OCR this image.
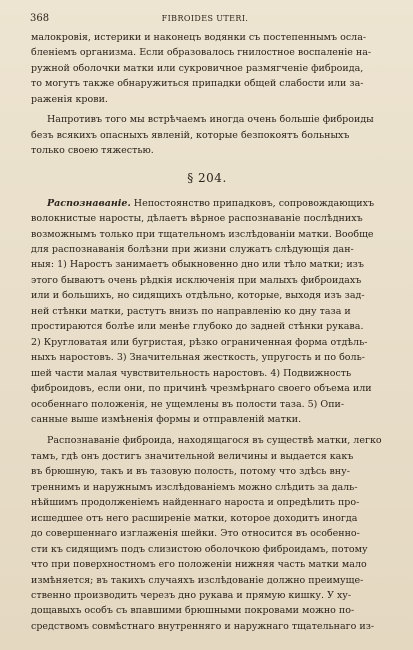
368	FIBROIDES UTERI.

малокровія, истерики и наконецъ водянки съ постепеннымъ осла-
бленіемъ организма. Если образовалось гнилостное воспаленіе на-
ружной оболочки матки или сукровичное размягченіе фиброида,
то могутъ также обнаружиться припадки общей слабости или за-
раженія крови.

Напротивъ того мы встрѣчаемъ иногда очень большіе фиброиды
безъ всякихъ опасныхъ явленій, которые безпокоятъ больныхъ
только своею тяжестью.

§ 204.

Распознаваніе. Непостоянство припадковъ, сопровождающихъ
волокнистые наросты, дѣлаетъ вѣрное распознаваніе послѣднихъ
возможнымъ только при тщательномъ изслѣдованіи матки. Вообще
для распознаванія болѣзни при жизни служатъ слѣдующія дан-
ныя: 1) Наростъ занимаетъ обыкновенно дно или тѣло матки; изъ
этого бываютъ очень рѣдкія исключенія при малыхъ фиброидахъ
или и большихъ, но сидящихъ отдѣльно, которые, выходя изъ зад-
ней стѣнки матки, растутъ внизъ по направленію ко дну таза и
простираются болѣе или менѣе глубоко до задней стѣнки рукава.
2) Кругловатая или бугристая, рѣзко ограниченная форма отдѣль-
ныхъ наростовъ. 3) Значительная жесткость, упругость и по боль-
шей части малая чувствительность наростовъ. 4) Подвижность
фиброидовъ, если они, по причинѣ чрезмѣрнаго своего объема или
особеннаго положенія, не ущемлены въ полости таза. 5) Опи-
санные выше измѣненія формы и отправленій матки.

Распознаваніе фиброида, находящагося въ существѣ матки, легко
тамъ, гдѣ онъ достигъ значительной величины и выдается какъ
въ брюшную, такъ и въ тазовую полость, потому что здѣсь вну-
треннимъ и наружнымъ изслѣдованіемъ можно слѣдить за даль-
нѣйшимъ продолженіемъ найденнаго нароста и опредѣлить про-
исшедшее отъ него расширеніе матки, которое доходитъ иногда
до совершеннаго изглаженія шейки. Это относится въ особенно-
сти къ сидящимъ подъ слизистою оболочкою фиброидамъ, потому
что при поверхностномъ его положеніи нижняя часть матки мало
измѣняется; въ такихъ случаяхъ изслѣдованіе должно преимуще-
ственно производить черезъ дно рукава и прямую кишку. У ху-
дощавыхъ особъ съ впавшими брюшными покровами можно по-
средствомъ совмѣстнаго внутренняго и наружнаго тщательнаго из-
